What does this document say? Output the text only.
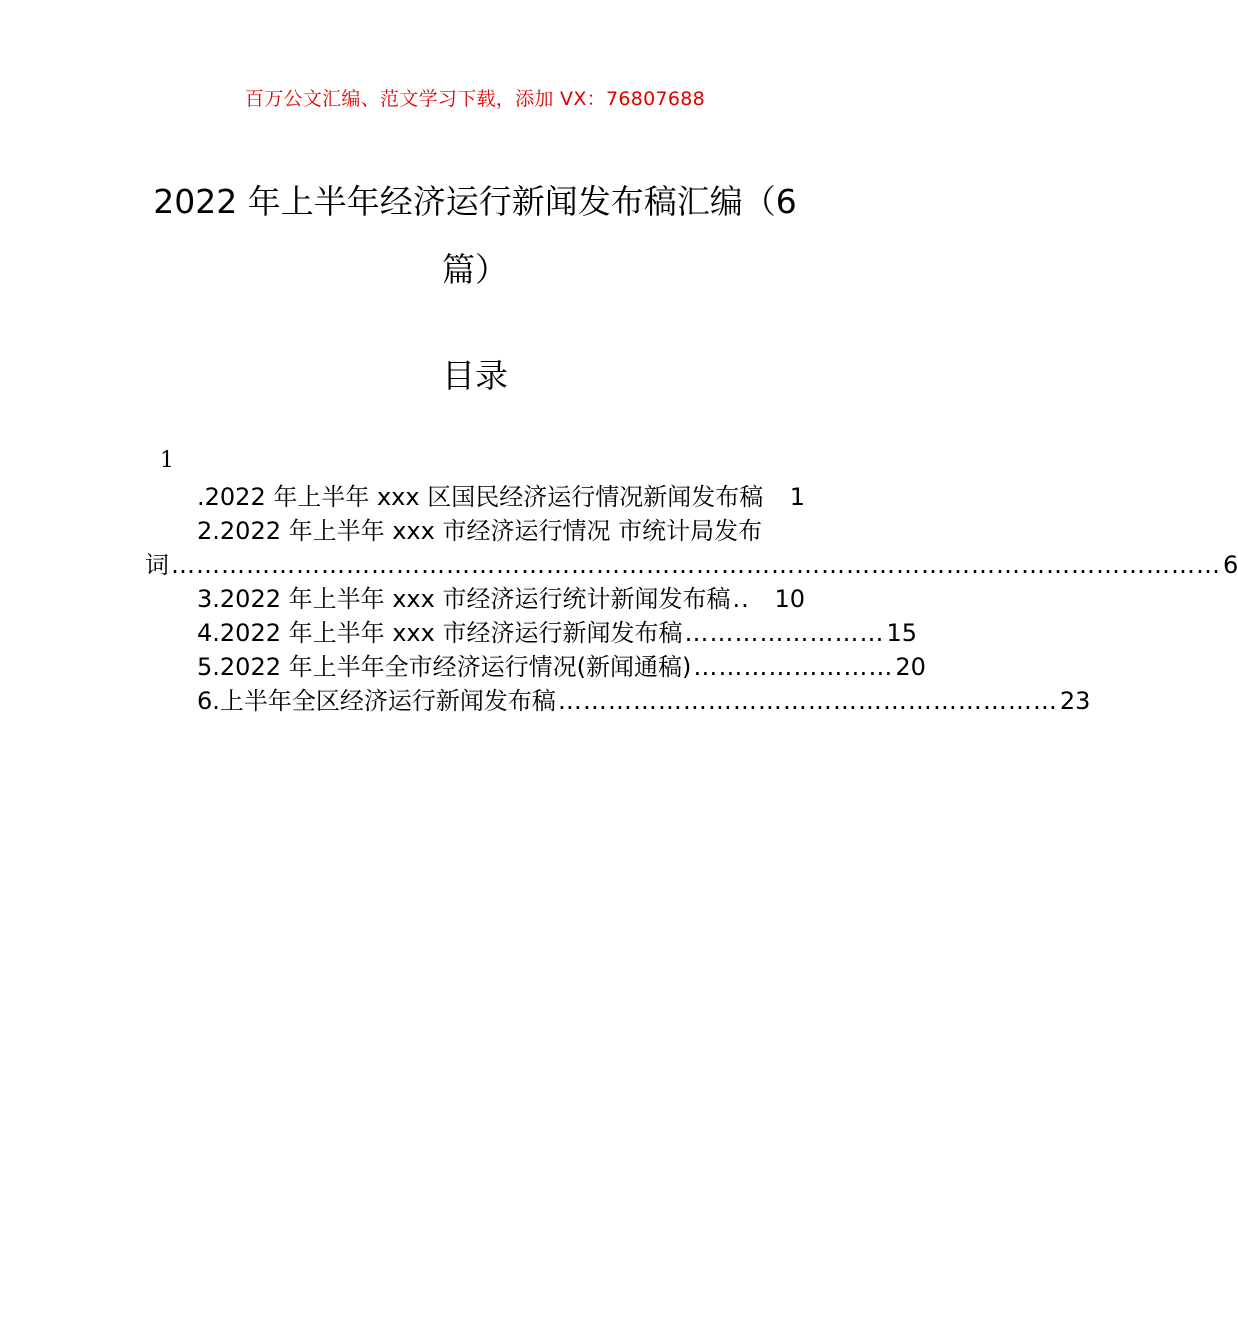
百万公文汇编、范文学习下载，添加 VX：76807688
2022 年上半年经济运行新闻发布稿汇编（6
篇）
目录
1
.2022 年上半年 xxx 区国民经济运行情况新闻发布稿 1
2.2022 年上半年 xxx 市经济运行情况 市统计局发布
词 ……………………………………………………………………………………………………………… 6
3.2022 年上半年 xxx 市经济运行统计新闻发布稿 ..	10
4.2022 年上半年 xxx 市经济运行新闻发布稿 …………………… 15
5.2022 年上半年全市经济运行情况(新闻通稿) …………………… 20
6.上半年全区经济运行新闻发布稿 …………………………………………………… 23
